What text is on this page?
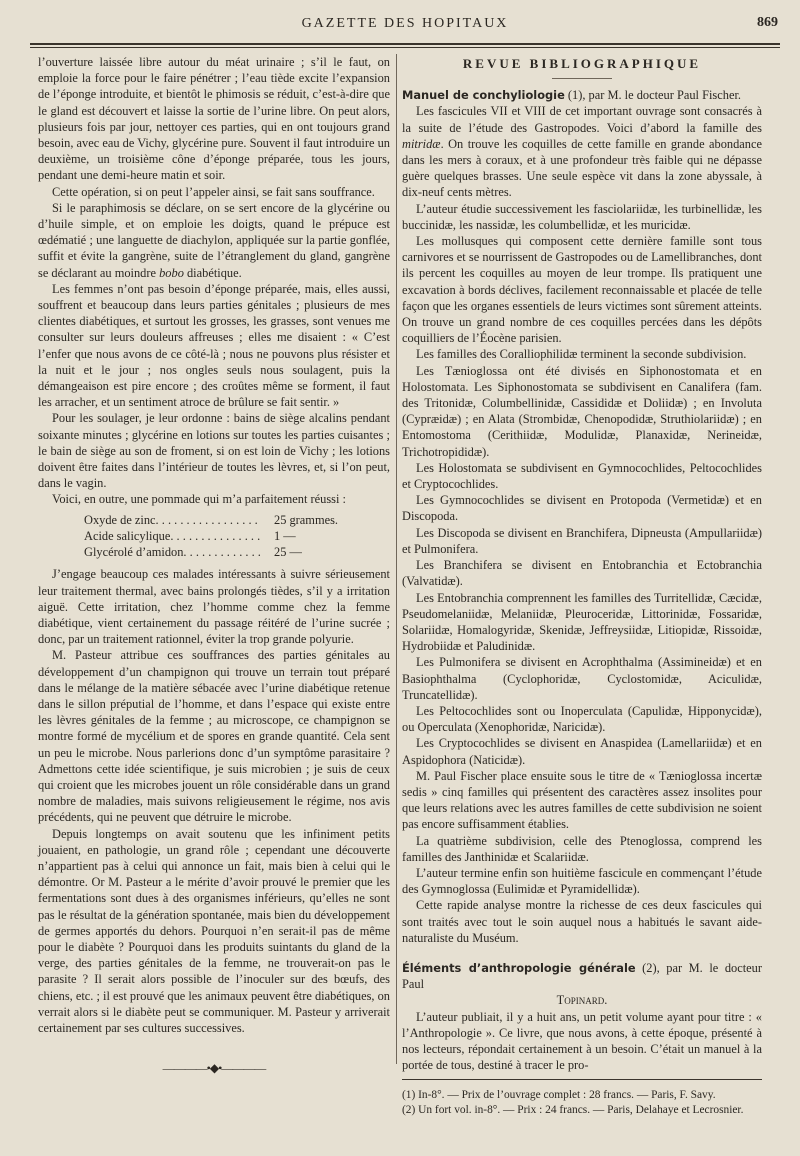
GAZETTE DES HOPITAUX	869

l’ouverture laissée libre autour du méat urinaire ; s’il le faut, on emploie la force pour le faire pénétrer ; l’eau tiède excite l’expansion de l’éponge introduite, et bientôt le phimosis se réduit, c’est-à-dire que le gland est découvert et laisse la sortie de l’urine libre. On peut alors, plusieurs fois par jour, nettoyer ces parties, qui en ont toujours grand besoin, avec eau de Vichy, glycérine pure. Souvent il faut introduire un deuxième, un troisième cône d’éponge préparée, tous les jours, pendant une demi-heure matin et soir.

Cette opération, si on peut l’appeler ainsi, se fait sans souffrance.

Si le paraphimosis se déclare, on se sert encore de la glycérine ou d’huile simple, et on emploie les doigts, quand le prépuce est œdématié ; une languette de diachylon, appliquée sur la partie gonflée, suffit et évite la gangrène, suite de l’étranglement du gland, gangrène se déclarant au moindre bobo diabétique.

Les femmes n’ont pas besoin d’éponge préparée, mais, elles aussi, souffrent et beaucoup dans leurs parties génitales ; plusieurs de mes clientes diabétiques, et surtout les grosses, les grasses, sont venues me consulter sur leurs douleurs affreuses ; elles me disaient : « C’est l’enfer que nous avons de ce côté-là ; nous ne pouvons plus résister et la nuit et le jour ; nos ongles seuls nous soulagent, puis la démangeaison est pire encore ; des croûtes même se forment, il faut les arracher, et un sentiment atroce de brûlure se fait sentir. »

Pour les soulager, je leur ordonne : bains de siège alcalins pendant soixante minutes ; glycérine en lotions sur toutes les parties cuisantes ; le bain de siège au son de froment, si on est loin de Vichy ; les lotions doivent être faites dans l’intérieur de toutes les lèvres, et, si l’on peut, dans le vagin.

Voici, en outre, une pommade qui m’a parfaitement réussi :

Oxyde de zinc. . . . . . . . . . . . . . . . .	25 grammes.
Acide salicylique. . . . . . . . . . . . . . .	1 —
Glycérolé d’amidon. . . . . . . . . . . . .	25 —

J’engage beaucoup ces malades intéressants à suivre sérieusement leur traitement thermal, avec bains prolongés tièdes, s’il y a irritation aiguë. Cette irritation, chez l’homme comme chez la femme diabétique, vient certainement du passage réitéré de l’urine sucrée ; donc, par un traitement rationnel, éviter la trop grande polyurie.

M. Pasteur attribue ces souffrances des parties génitales au développement d’un champignon qui trouve un terrain tout préparé dans le mélange de la matière sébacée avec l’urine diabétique retenue dans le sillon préputial de l’homme, et dans l’espace qui existe entre les lèvres génitales de la femme ; au microscope, ce champignon se montre formé de mycélium et de spores en grande quantité. Cela sent un peu le microbe. Nous parlerions donc d’un symptôme parasitaire ? Admettons cette idée scientifique, je suis microbien ; je suis de ceux qui croient que les microbes jouent un rôle considérable dans un grand nombre de maladies, mais suivons religieusement le régime, nos avis précédents, qui ne peuvent que détruire le microbe.

Depuis longtemps on avait soutenu que les infiniment petits jouaient, en pathologie, un grand rôle ; cependant une découverte n’appartient pas à celui qui annonce un fait, mais bien à celui qui le démontre. Or M. Pasteur a le mérite d’avoir prouvé le premier que les fermentations sont dues à des organismes inférieurs, qu’elles ne sont pas le résultat de la génération spontanée, mais bien du développement de germes apportés du dehors. Pourquoi n’en serait-il pas de même pour le diabète ? Pourquoi dans les produits suintants du gland de la verge, des parties génitales de la femme, ne trouverait-on pas le parasite ? Il serait alors possible de l’inoculer sur des bœufs, des chiens, etc. ; il est prouvé que les animaux peuvent être diabétiques, on verrait alors si le diabète peut se communiquer. M. Pasteur y arriverait certainement par ses cultures successives.

————•◆•————
REVUE BIBLIOGRAPHIQUE

Manuel de conchyliologie (1), par M. le docteur Paul Fischer.

Les fascicules VII et VIII de cet important ouvrage sont consacrés à la suite de l’étude des Gastropodes. Voici d’abord la famille des mitridæ. On trouve les coquilles de cette famille en grande abondance dans les mers à coraux, et à une profondeur très faible qui ne dépasse guère quelques brasses. Une seule espèce vit dans la zone abyssale, à dix-neuf cents mètres.

L’auteur étudie successivement les fasciolariidæ, les turbinellidæ, les buccinidæ, les nassidæ, les columbellidæ, et les muricidæ.

Les mollusques qui composent cette dernière famille sont tous carnivores et se nourrissent de Gastropodes ou de Lamellibranches, dont ils percent les coquilles au moyen de leur trompe. Ils pratiquent une excavation à bords déclives, facilement reconnaissable et placée de telle façon que les organes essentiels de leurs victimes sont sûrement atteints. On trouve un grand nombre de ces coquilles percées dans les dépôts coquilliers de l’Éocène parisien.

Les familles des Coralliophilidæ terminent la seconde subdivision.

Les Tænioglossa ont été divisés en Siphonostomata et en Holostomata. Les Siphonostomata se subdivisent en Canalifera (fam. des Tritonidæ, Columbellinidæ, Cassididæ et Doliidæ) ; en Involuta (Cypræidæ) ; en Alata (Strombidæ, Chenopodidæ, Struthiolariidæ) ; en Entomostoma (Cerithiidæ, Modulidæ, Planaxidæ, Nerineidæ, Trichotropididæ).

Les Holostomata se subdivisent en Gymnocochlides, Peltocochlides et Cryptocochlides.

Les Gymnocochlides se divisent en Protopoda (Vermetidæ) et en Discopoda.

Les Discopoda se divisent en Branchifera, Dipneusta (Ampullariidæ) et Pulmonifera.

Les Branchifera se divisent en Entobranchia et Ectobranchia (Valvatidæ).

Les Entobranchia comprennent les familles des Turritellidæ, Cæcidæ, Pseudomelaniidæ, Melaniidæ, Pleuroceridæ, Littorinidæ, Fossaridæ, Solariidæ, Homalogyridæ, Skenidæ, Jeffreysiidæ, Litiopidæ, Rissoidæ, Hydrobiidæ et Paludinidæ.

Les Pulmonifera se divisent en Acrophthalma (Assimineidæ) et en Basiophthalma (Cyclophoridæ, Cyclostomidæ, Aciculidæ, Truncatellidæ).

Les Peltocochlides sont ou Inoperculata (Capulidæ, Hipponycidæ), ou Operculata (Xenophoridæ, Naricidæ).

Les Cryptocochlides se divisent en Anaspidea (Lamellariidæ) et en Aspidophora (Naticidæ).

M. Paul Fischer place ensuite sous le titre de « Tænioglossa incertæ sedis » cinq familles qui présentent des caractères assez insolites pour que leurs relations avec les autres familles de cette subdivision ne soient pas encore suffisamment établies.

La quatrième subdivision, celle des Ptenoglossa, comprend les familles des Janthinidæ et Scalariidæ.

L’auteur termine enfin son huitième fascicule en commençant l’étude des Gymnoglossa (Eulimidæ et Pyramidellidæ).

Cette rapide analyse montre la richesse de ces deux fascicules qui sont traités avec tout le soin auquel nous a habitués le savant aide-naturaliste du Muséum.

Éléments d’anthropologie générale (2), par M. le docteur Paul

Topinard.

L’auteur publiait, il y a huit ans, un petit volume ayant pour titre : « l’Anthropologie ». Ce livre, que nous avons, à cette époque, présenté à nos lecteurs, répondait certainement à un besoin. C’était un manuel à la portée de tous, destiné à tracer le pro-

(1) In-8°. — Prix de l’ouvrage complet : 28 francs. — Paris, F. Savy.

(2) Un fort vol. in-8°. — Prix : 24 francs. — Paris, Delahaye et Lecrosnier.
